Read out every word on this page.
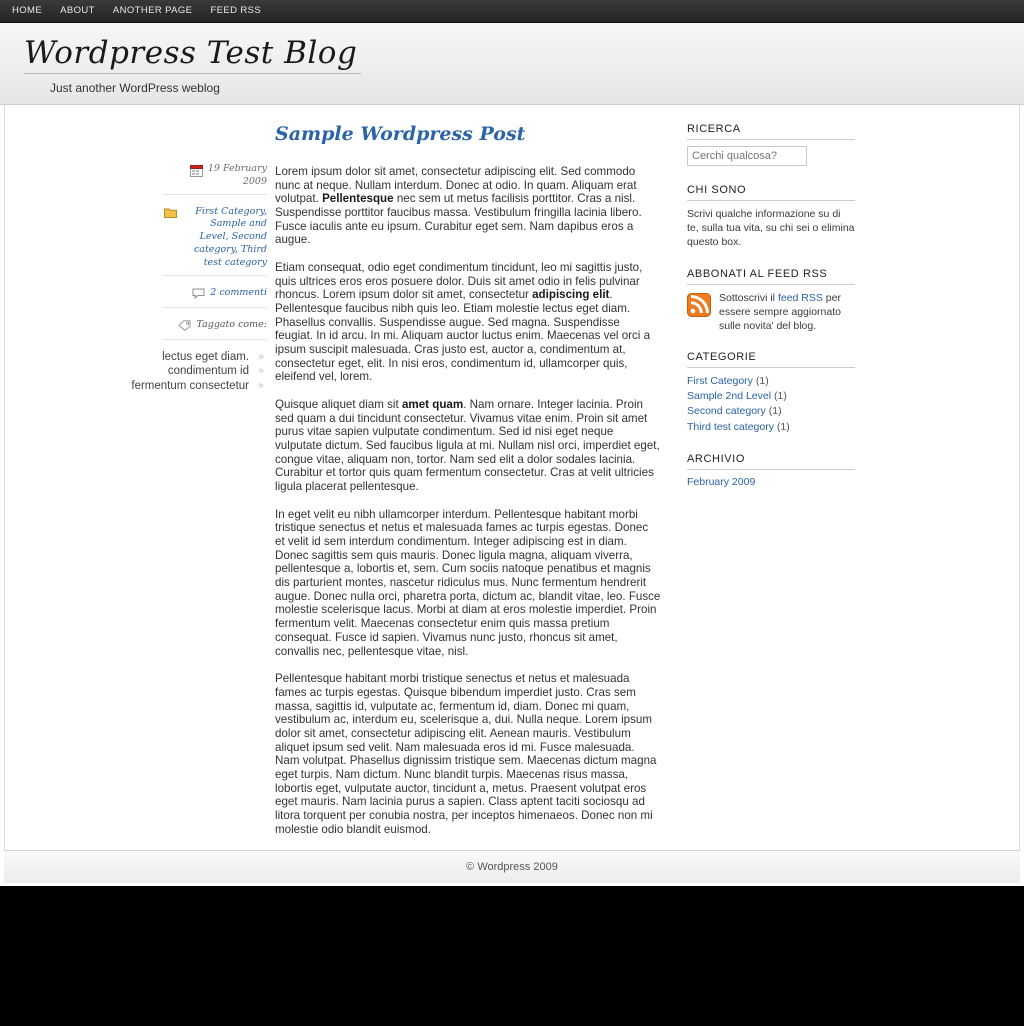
HOME	ABOUT	ANOTHER PAGE	FEED RSS
Wordpress Test Blog
Just another WordPress weblog
19 February
2009
First Category, Sample and Level, Second category, Third test category
2 commenti
Taggato come:
lectus eget diam. »
condimentum id »
fermentum consectetur »
Sample Wordpress Post

Lorem ipsum dolor sit amet, consectetur adipiscing elit. Sed commodo nunc at neque. Nullam interdum. Donec at odio. In quam. Aliquam erat volutpat. Pellentesque nec sem ut metus facilisis porttitor. Cras a nisl. Suspendisse porttitor faucibus massa. Vestibulum fringilla lacinia libero. Fusce iaculis ante eu ipsum. Curabitur eget sem. Nam dapibus eros a augue.

Etiam consequat, odio eget condimentum tincidunt, leo mi sagittis justo, quis ultrices eros eros posuere dolor. Duis sit amet odio in felis pulvinar rhoncus. Lorem ipsum dolor sit amet, consectetur adipiscing elit. Pellentesque faucibus nibh quis leo. Etiam molestie lectus eget diam. Phasellus convallis. Suspendisse augue. Sed magna. Suspendisse feugiat. In id arcu. In mi. Aliquam auctor luctus enim. Maecenas vel orci a ipsum suscipit malesuada. Cras justo est, auctor a, condimentum at, consectetur eget, elit. In nisi eros, condimentum id, ullamcorper quis, eleifend vel, lorem.

Quisque aliquet diam sit amet quam. Nam ornare. Integer lacinia. Proin sed quam a dui tincidunt consectetur. Vivamus vitae enim. Proin sit amet purus vitae sapien vulputate condimentum. Sed id nisi eget neque vulputate dictum. Sed faucibus ligula at mi. Nullam nisl orci, imperdiet eget, congue vitae, aliquam non, tortor. Nam sed elit a dolor sodales lacinia. Curabitur et tortor quis quam fermentum consectetur. Cras at velit ultricies ligula placerat pellentesque.

In eget velit eu nibh ullamcorper interdum. Pellentesque habitant morbi tristique senectus et netus et malesuada fames ac turpis egestas. Donec et velit id sem interdum condimentum. Integer adipiscing est in diam. Donec sagittis sem quis mauris. Donec ligula magna, aliquam viverra, pellentesque a, lobortis et, sem. Cum sociis natoque penatibus et magnis dis parturient montes, nascetur ridiculus mus. Nunc fermentum hendrerit augue. Donec nulla orci, pharetra porta, dictum ac, blandit vitae, leo. Fusce molestie scelerisque lacus. Morbi at diam at eros molestie imperdiet. Proin fermentum velit. Maecenas consectetur enim quis massa pretium consequat. Fusce id sapien. Vivamus nunc justo, rhoncus sit amet, convallis nec, pellentesque vitae, nisl.

Pellentesque habitant morbi tristique senectus et netus et malesuada fames ac turpis egestas. Quisque bibendum imperdiet justo. Cras sem massa, sagittis id, vulputate ac, fermentum id, diam. Donec mi quam, vestibulum ac, interdum eu, scelerisque a, dui. Nulla neque. Lorem ipsum dolor sit amet, consectetur adipiscing elit. Aenean mauris. Vestibulum aliquet ipsum sed velit. Nam malesuada eros id mi. Fusce malesuada. Nam volutpat. Phasellus dignissim tristique sem. Maecenas dictum magna eget turpis. Nam dictum. Nunc blandit turpis. Maecenas risus massa, lobortis eget, vulputate auctor, tincidunt a, metus. Praesent volutpat eros eget mauris. Nam lacinia purus a sapien. Class aptent taciti sociosqu ad litora torquent per conubia nostra, per inceptos himenaeos. Donec non mi molestie odio blandit euismod.

RICERCA
Cerchi qualcosa?
CHI SONO
Scrivi qualche informazione su di te, sulla tua vita, su chi sei o elimina questo box.
ABBONATI AL FEED RSS
Sottoscrivi il feed RSS per essere sempre aggiornato sulle novita' del blog.
CATEGORIE
First Category (1)
Sample 2nd Level (1)
Second category (1)
Third test category (1)
ARCHIVIO
February 2009
© Wordpress 2009
